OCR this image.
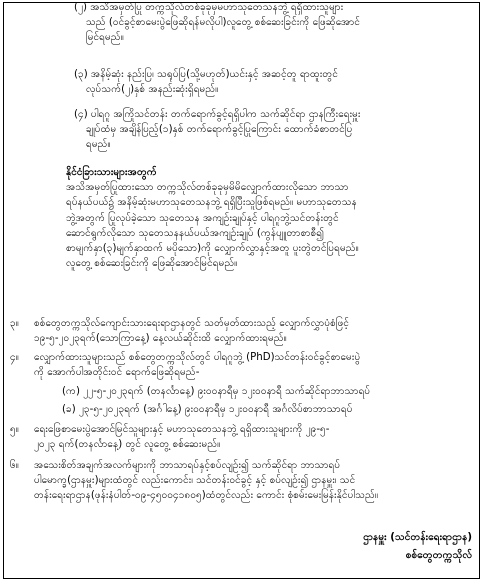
(၂) အသိအမှတ်ပြု တက္ကသိုလ်တစ်ခုခုမှမဟာသုတေသနဘွဲ့ ရရှိထားသူများ
သည် (ဝင်ခွင့်စာမေးပွဲဖြေဆိုရန်မလိုပါ)လူတွေ့ စစ်ဆေးခြင်းကို ဖြေဆိုအောင်
မြင်ရမည်။
(၃) အနိမ့်ဆုံး နည်းပြ၊ သရုပ်ပြ(သို့မဟုတ်)ယင်းနှင့် အဆင့်တူ ရာထူးတွင်
လုပ်သက်(၂)နှစ် အနည်းဆုံးရှိရမည်။
(၄) ပါရဂူ အကြိုသင်တန်း တက်ရောက်ခွင့်ရရှိပါက သက်ဆိုင်ရာ ဌာနကြီးရေးမှူး
ချုပ်ထံမှ အချိန်ပြည့်(၁)နှစ် တက်ရောက်ခွင့်ပြုကြောင်း ထောက်ခံစာတင်ပြ
ရမည်။
နိုင်ငံခြားသားများအတွက်
အသိအမှတ်ပြုထားသော တက္ကသိုလ်တစ်ခုခုမှမိမိလျှောက်ထားလိုသော ဘာသာ
ရပ်နယ်ပယ်၌ အနိမ့်ဆုံးမဟာသုတေသနဘွဲ့ ရရှိပြီးသူဖြစ်ရမည်။ မဟာသုတေသန
ဘွဲ့အတွက် ပြုလုပ်ခဲ့သော သုတေသန အကျဉ်းချုပ်နှင့် ပါရဂူဘွဲ့သင်တန်းတွင်
ဆောင်ရွက်လိုသော သုတေသနနယ်ပယ်အကျဉ်းချုပ် (ကွန်ပျူတာစာစီ၍
စာမျက်နှာ(၃)မျက်နှာထက် မပိုသော)ကို လျှောက်လွှာနှင့်အတူ ပူးတွဲတင်ပြရမည်။
လူတွေ့ စစ်ဆေးခြင်းကို ဖြေဆိုအောင်မြင်ရမည်။
၃။	စစ်တွေတက္ကသိုလ်ကျောင်းသားရေးရာဌာနတွင် သတ်မှတ်ထားသည့် လျှောက်လွှာပုံစံဖြင့်
၁၉-၅-၂၀၂၃ရက်(သောကြာနေ့) နေ့လယ်ဆိုင်းထိ လျှောက်ထားရမည်။
၄။	လျှောက်ထားသူများသည် စစ်တွေတက္ကသိုလ်တွင် ပါရဂူဘွဲ့ (PhD)သင်တန်းဝင်ခွင့်စာမေးပွဲ
ကို အောက်ပါအတိုင်းဝင် ရောက်ဖြေဆိုရမည်-
(က) ၂၂-၅-၂၀၂၃ရက် (တနင်္လာနေ့) ၉း၀၀နာရီမှ ၁၂း၀၀နာရီ သက်ဆိုင်ရာဘာသာရပ်
(ခ) ၂၃-၅-၂၀၂၃ရက် (အင်္ဂါနေ့) ၉း၀၀နာရီမှ ၁၂း၀၀နာရီ အင်္ဂလိပ်စာဘာသာရပ်
၅။	ရေးဖြေစာမေးပွဲအောင်မြင်သူများနှင့် မဟာသုတေသနဘွဲ့ ရရှိထားသူများကို ၂၉-၅-
၂၀၂၃ ရက်(တနင်္လာနေ့) တွင် လူတွေ့ စစ်ဆေးမည်။
၆။	အသေးစိတ်အချက်အလက်များကို ဘာသာရပ်နှင့်စပ်လျဉ်း၍ သက်ဆိုင်ရာ ဘာသာရပ်
ပါမောက္ခ(ဌာနမှူး)များထံတွင် လည်းကောင်း၊ သင်တန်းဝင်ခွင့် နှင့် စပ်လျဉ်း၍ ဌာနမှူး၊ သင်
တန်းရေးရာဌာန(ဖုန်းနံပါတ်-၀၉-၄၅၀၀၄၁၈၀၅)ထံတွင်လည်း ကောင်း စုံစမ်းမေးမြန်းနိုင်ပါသည်။
ဌာနမှူး (သင်တန်းရေးရာဌာန)
စစ်တွေတက္ကသိုလ်
